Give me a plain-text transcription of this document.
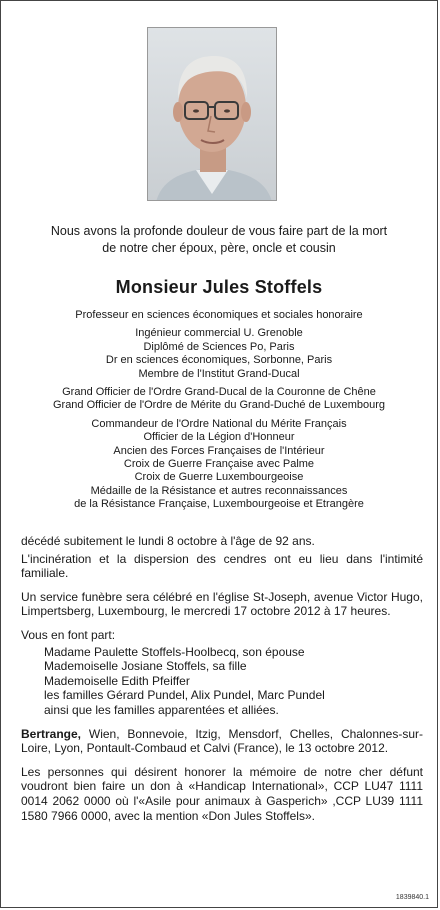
Nous avons la profonde douleur de vous faire part de la mort
de notre cher époux, père, oncle et cousin
Monsieur Jules Stoffels
Professeur en sciences économiques et sociales honoraire
Ingénieur commercial U. Grenoble
Diplômé de Sciences Po, Paris
Dr en sciences économiques, Sorbonne, Paris
Membre de l'Institut Grand-Ducal
Grand Officier de l'Ordre Grand-Ducal de la Couronne de Chêne
Grand Officier de l'Ordre de Mérite du Grand-Duché de Luxembourg
Commandeur de l'Ordre National du Mérite Français
Officier de la Légion d'Honneur
Ancien des Forces Françaises de l'Intérieur
Croix de Guerre Française avec Palme
Croix de Guerre Luxembourgeoise
Médaille de la Résistance et autres reconnaissances
de la Résistance Française, Luxembourgeoise et Etrangère

décédé subitement le lundi 8 octobre à l'âge de 92 ans.

L'incinération et la dispersion des cendres ont eu lieu dans l'intimité familiale.

Un service funèbre sera célébré en l'église St-Joseph, avenue Victor Hugo, Limpertsberg, Luxembourg, le mercredi 17 octobre 2012 à 17 heures.

Vous en font part:

Madame Paulette Stoffels-Hoolbecq, son épouse
Mademoiselle Josiane Stoffels, sa fille
Mademoiselle Edith Pfeiffer
les familles Gérard Pundel, Alix Pundel, Marc Pundel
ainsi que les familles apparentées et alliées.

Bertrange, Wien, Bonnevoie, Itzig, Mensdorf, Chelles, Chalonnes-sur-Loire, Lyon, Pontault-Combaud et Calvi (France), le 13 octobre 2012.

Les personnes qui désirent honorer la mémoire de notre cher défunt voudront bien faire un don à «Handicap International», CCP LU47 1111 0014 2062 0000 où l'«Asile pour animaux à Gasperich» ,CCP LU39 1111 1580 7966 0000, avec la mention «Don Jules Stoffels».

1839840.1
